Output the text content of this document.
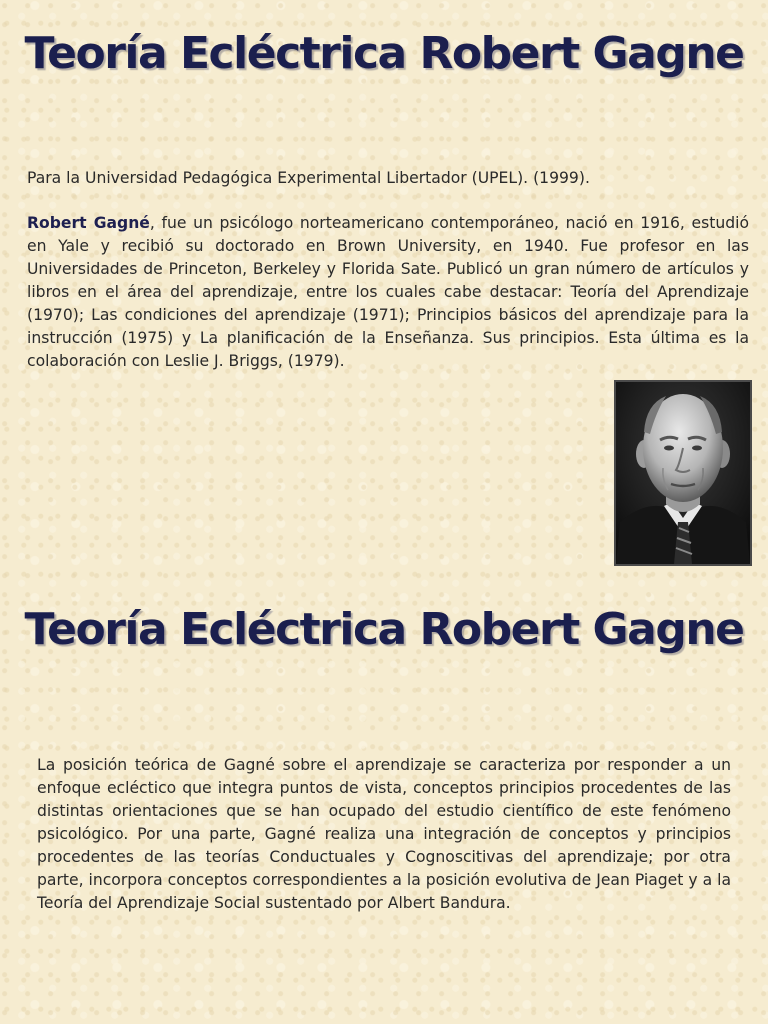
Teoría Ecléctrica Robert Gagne

Para la Universidad Pedagógica Experimental Libertador (UPEL). (1999).

Robert Gagné, fue un psicólogo norteamericano contemporáneo, nació en 1916, estudió en Yale y recibió su doctorado en Brown University, en 1940. Fue profesor en las Universidades de Princeton, Berkeley y Florida Sate. Publicó un gran número de artículos y libros en el área del aprendizaje, entre los cuales cabe destacar: Teoría del Aprendizaje (1970); Las condiciones del aprendizaje (1971); Principios básicos del aprendizaje para la instrucción (1975) y La planificación de la Enseñanza. Sus principios. Esta última es la colaboración con Leslie J. Briggs, (1979).

Teoría Ecléctrica Robert Gagne

La posición teórica de Gagné sobre el aprendizaje se caracteriza por responder a un enfoque ecléctico que integra puntos de vista, conceptos principios procedentes de las distintas orientaciones que se han ocupado del estudio científico de este fenómeno psicológico. Por una parte, Gagné realiza una integración de conceptos y principios procedentes de las teorías Conductuales y Cognoscitivas del aprendizaje; por otra parte, incorpora conceptos correspondientes a la posición evolutiva de Jean Piaget y a la Teoría del Aprendizaje Social sustentado por Albert Bandura.
